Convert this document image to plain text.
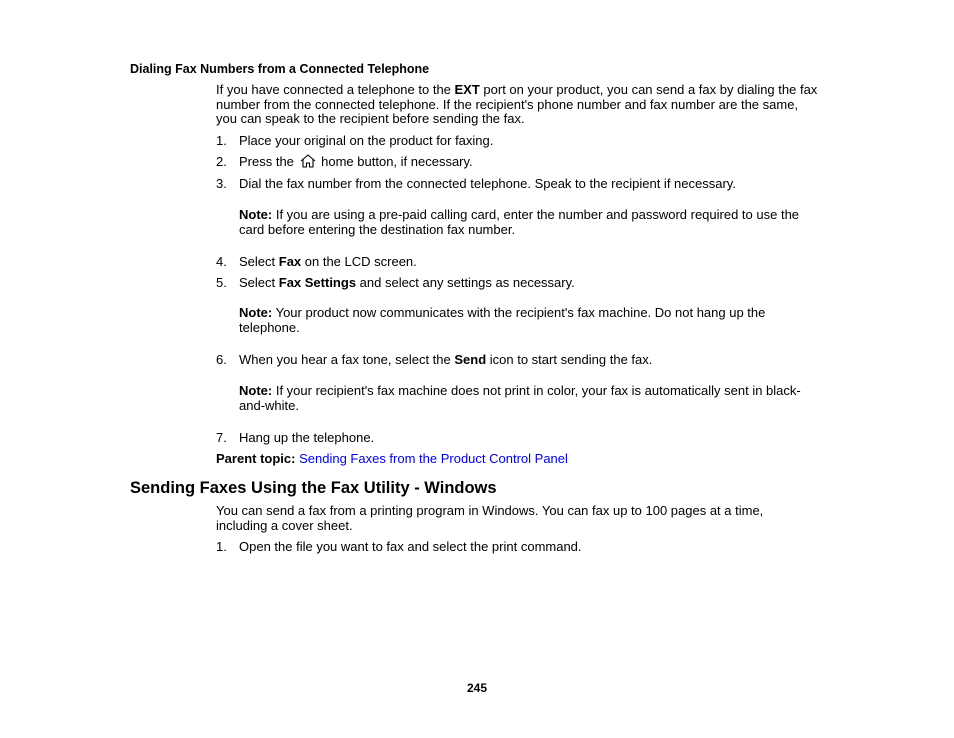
Dialing Fax Numbers from a Connected Telephone
If you have connected a telephone to the EXT port on your product, you can send a fax by dialing the fax
number from the connected telephone. If the recipient's phone number and fax number are the same,
you can speak to the recipient before sending the fax.
1. Place your original on the product for faxing.
2. Press the  home button, if necessary.
3. Dial the fax number from the connected telephone. Speak to the recipient if necessary.
Note: If you are using a pre-paid calling card, enter the number and password required to use the
card before entering the destination fax number.
4. Select Fax on the LCD screen.
5. Select Fax Settings and select any settings as necessary.
Note: Your product now communicates with the recipient's fax machine. Do not hang up the
telephone.
6. When you hear a fax tone, select the Send icon to start sending the fax.
Note: If your recipient's fax machine does not print in color, your fax is automatically sent in black-
and-white.
7. Hang up the telephone.
Parent topic: Sending Faxes from the Product Control Panel
Sending Faxes Using the Fax Utility - Windows
You can send a fax from a printing program in Windows. You can fax up to 100 pages at a time,
including a cover sheet.
1. Open the file you want to fax and select the print command.
245
